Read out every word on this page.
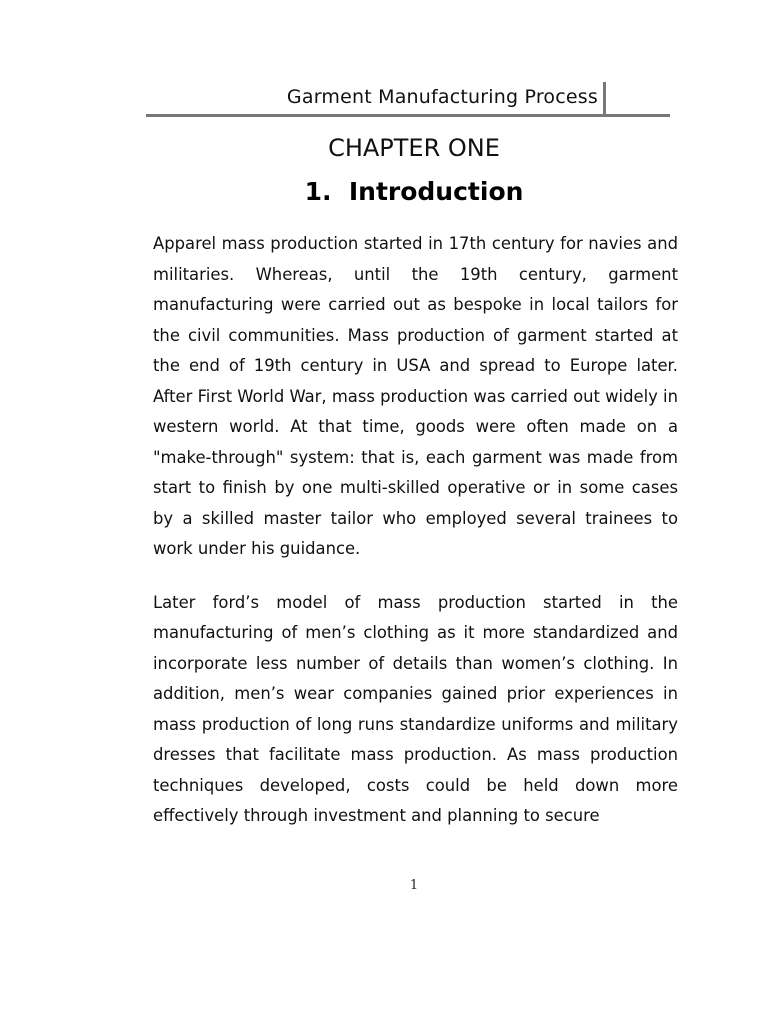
Garment Manufacturing Process
CHAPTER ONE
1.  Introduction

Apparel mass production started in 17th century for navies and militaries. Whereas, until the 19th century, garment manufacturing were carried out as bespoke in local tailors for the civil communities. Mass production of garment started at the end of 19th century in USA and spread to Europe later. After First World War, mass production was carried out widely in western world. At that time, goods were often made on a "make-through" system: that is, each garment was made from start to finish by one multi-skilled operative or in some cases by a skilled master tailor who employed several trainees to work under his guidance.

Later ford’s model of mass production started in the manufacturing of men’s clothing as it more standardized and incorporate less number of details than women’s clothing. In addition, men’s wear companies gained prior experiences in mass production of long runs standardize uniforms and military dresses that facilitate mass production. As mass production techniques developed, costs could be held down more effectively through investment and planning to secure

1
